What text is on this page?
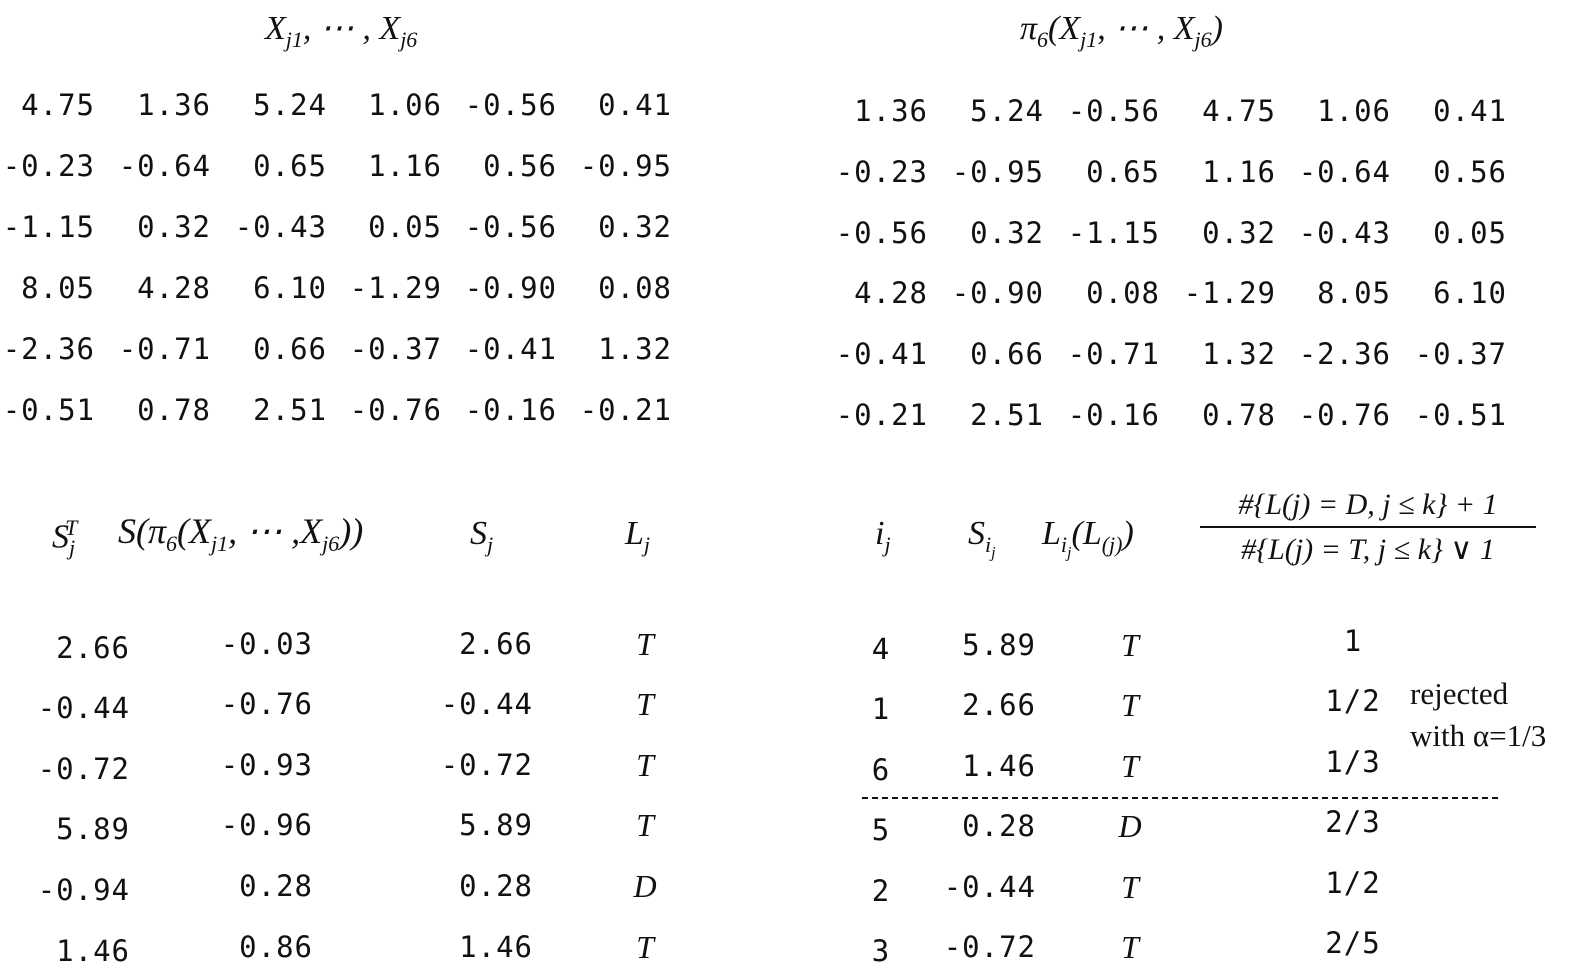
$X_{j1}$, ⋯ , $X_{j6}$
4.75	1.36	5.24	1.06 -0.56	0.41
-0.23 -0.64	0.65	1.16	0.56 -0.95
-1.15	0.32 -0.43	0.05 -0.56	0.32
8.05	4.28	6.10 -1.29 -0.90	0.08
-2.36 -0.71	0.66 -0.37 -0.41	1.32
-0.51	0.78	2.51 -0.76 -0.16 -0.21
$\pi_6(X_{j1}$, ⋯ , $X_{j6}$)
1.36	5.24 -0.56	4.75	1.06	0.41
-0.23 -0.95	0.65	1.16 -0.64	0.56
-0.56	0.32 -1.15	0.32 -0.43	0.05
4.28 -0.90	0.08 -1.29	8.05	6.10
-0.41	0.66 -0.71	1.32 -2.36 -0.37
-0.21	2.51 -0.16	0.78 -0.76 -0.51
$S_j^T$ $S(\pi_6(X_{j1}$, ⋯ $,X_{j6}$))	$S_j$	$L_j$
2.66	-0.03	2.66	T
-0.44	-0.76	-0.44	T
-0.72	-0.93	-0.72	T
5.89	-0.96	5.89	T
-0.94	0.28	0.28	D
1.46	0.86	1.46	T
$i_j$ $S_{i_j}$
$L_{i_j}(L_{(j)})$
#{L(j) = D, j ≤ k} + 1
#{L(j) = T, j ≤ k} ∨ 1
4	5.89	T	1
1	2.66	T	1/2
6	1.46	T	1/3
5	0.28	D	2/3
2	-0.44	T	1/2
3	-0.72	T	2/5
rejected
with α=1/3
